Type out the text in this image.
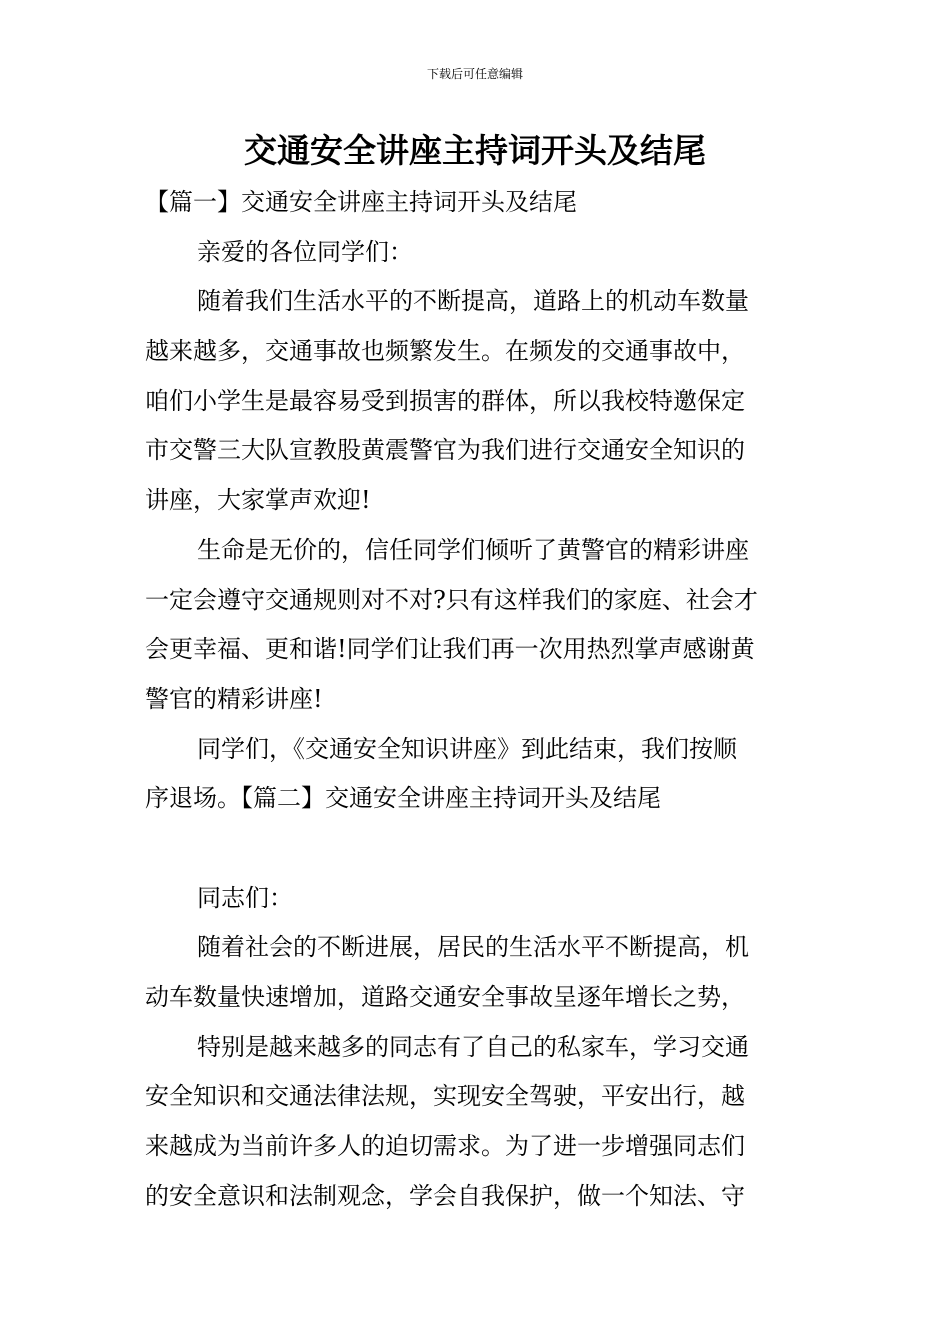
下载后可任意编辑
交通安全讲座主持词开头及结尾
【篇一】交通安全讲座主持词开头及结尾
亲爱的各位同学们：
随着我们生活水平的不断提高，道路上的机动车数量
越来越多，交通事故也频繁发生。在频发的交通事故中，
咱们小学生是最容易受到损害的群体，所以我校特邀保定
市交警三大队宣教股黄震警官为我们进行交通安全知识的
讲座，大家掌声欢迎!
生命是无价的，信任同学们倾听了黄警官的精彩讲座
一定会遵守交通规则对不对?只有这样我们的家庭、社会才
会更幸福、更和谐!同学们让我们再一次用热烈掌声感谢黄
警官的精彩讲座!
同学们，《交通安全知识讲座》到此结束，我们按顺
序退场。【篇二】交通安全讲座主持词开头及结尾
同志们：
随着社会的不断进展，居民的生活水平不断提高，机
动车数量快速增加，道路交通安全事故呈逐年增长之势，
特别是越来越多的同志有了自己的私家车，学习交通
安全知识和交通法律法规，实现安全驾驶，平安出行，越
来越成为当前许多人的迫切需求。为了进一步增强同志们
的安全意识和法制观念，学会自我保护，做一个知法、守
